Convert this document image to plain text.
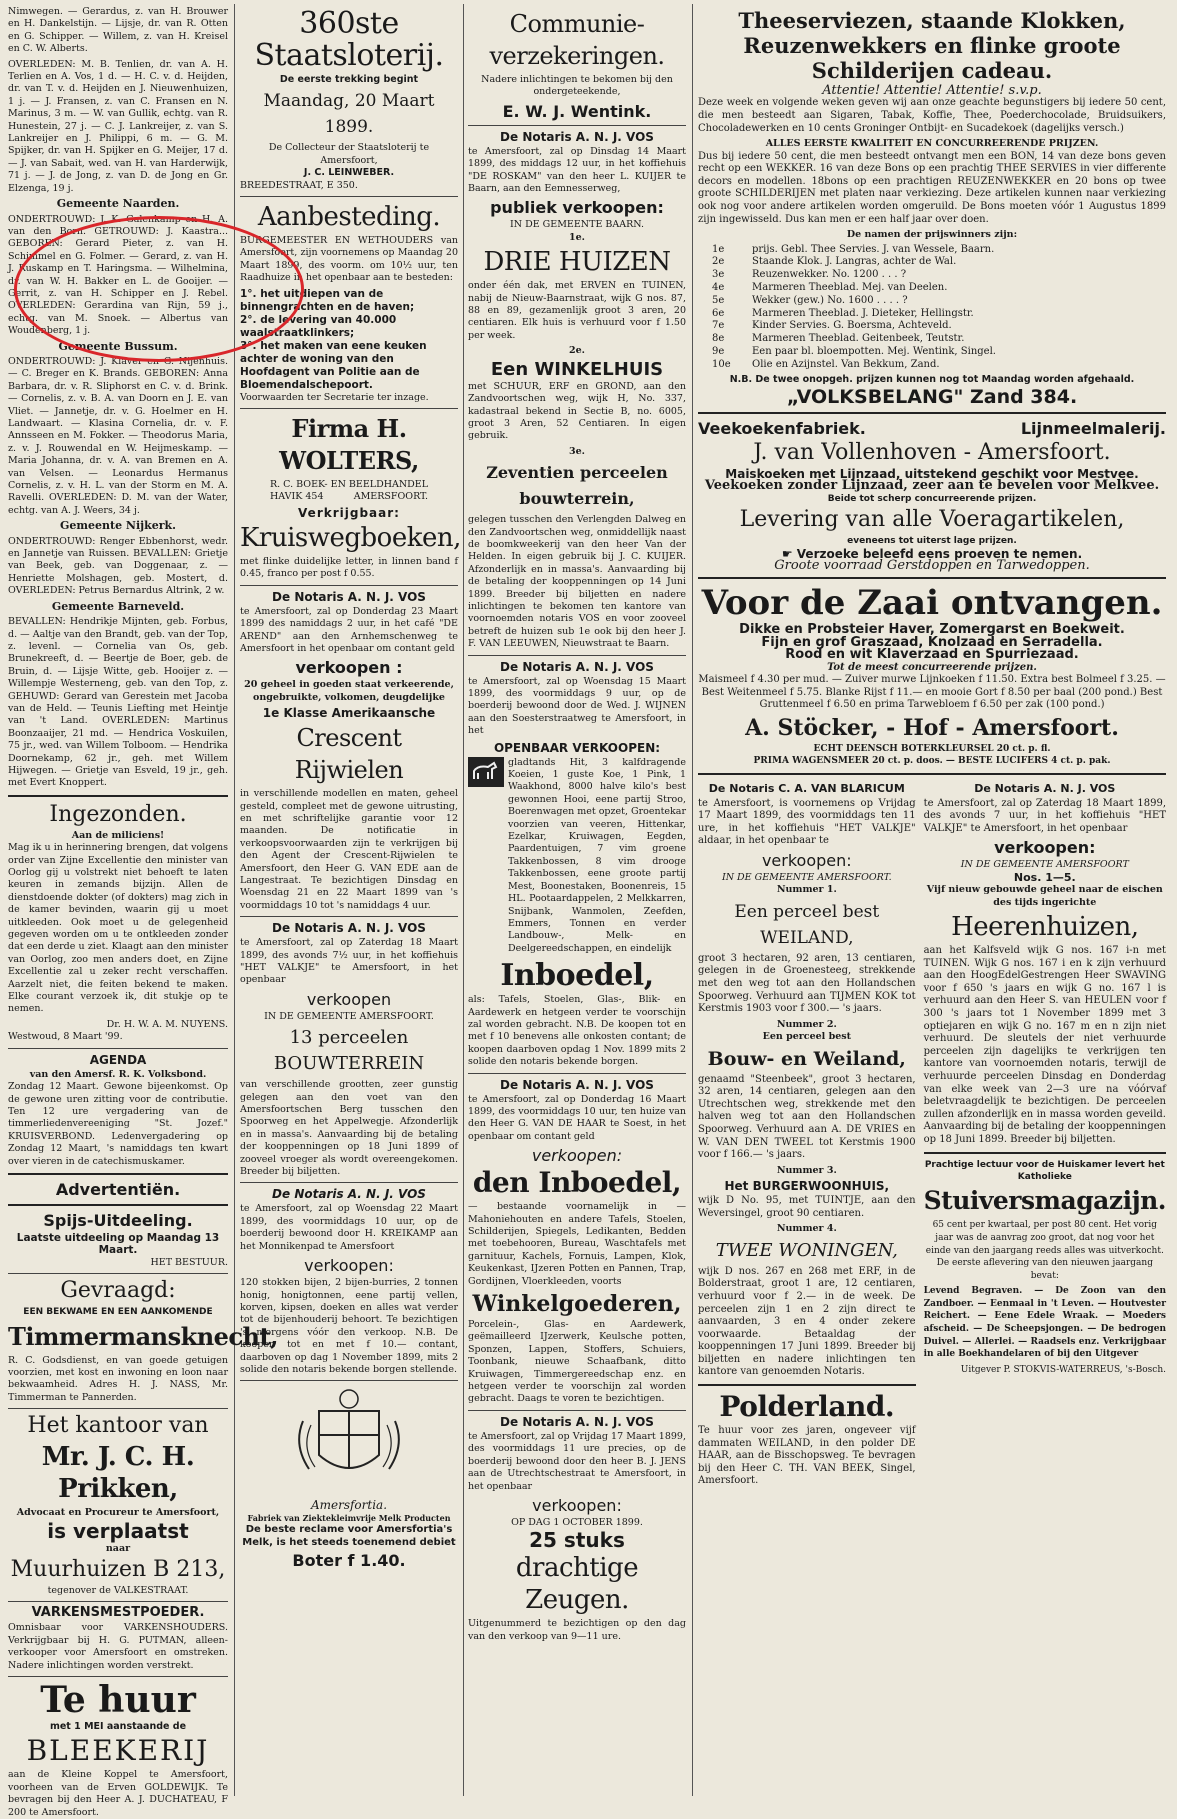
Nimwegen. — Gerardus, z. van H. Brouwer en H. Dankelstijn. — Lijsje, dr. van R. Otten en G. Schipper. — Willem, z. van H. Kreisel en C. W. Alberts.

OVERLEDEN: M. B. Tenlien, dr. van A. H. Terlien en A. Vos, 1 d. — H. C. v. d. Heijden, dr. van T. v. d. Heijden en J. Nieuwenhuizen, 1 j. — J. Fransen, z. van C. Fransen en N. Marinus, 3 m. — W. van Gullik, echtg. van R. Hunestein, 27 j. — C. J. Lankreijer, z. van S. Lankreijer en J. Philippi, 6 m. — G. M. Spijker, dr. van H. Spijker en G. Meijer, 17 d. — J. van Sabait, wed. van H. van Harderwijk, 71 j. — J. de Jong, z. van D. de Jong en Gr. Elzenga, 19 j.

Gemeente Naarden.

ONDERTROUWD: J. K. Galenkamp en H. A. van den Born. GETROUWD: J. Kaastra... GEBOREN: Gerard Pieter, z. van H. Schimmel en G. Folmer. — Gerard, z. van H. J. Ruskamp en T. Haringsma. — Wilhelmina, dr. van W. H. Bakker en L. de Gooijer. — Gerrit, z. van H. Schipper en J. Rebel. OVERLEDEN: Gerardina van Rijn, 59 j., echtg. van M. Snoek. — Albertus van Woudenberg, 1 j.

Gemeente Bussum.

ONDERTROUWD: J. Klaver en G. Nijenhuis. — C. Breger en K. Brands. GEBOREN: Anna Barbara, dr. v. R. Sliphorst en C. v. d. Brink. — Cornelis, z. v. B. A. van Doorn en J. E. van Vliet. — Jannetje, dr. v. G. Hoelmer en H. Landwaart. — Klasina Cornelia, dr. v. F. Annsseen en M. Fokker. — Theodorus Maria, z. v. J. Rouwendal en W. Heijmeskamp. — Maria Johanna, dr. v. A. van Bremen en A. van Velsen. — Leonardus Hermanus Cornelis, z. v. H. L. van der Storm en M. A. Ravelli. OVERLEDEN: D. M. van der Water, echtg. van A. J. Weers, 34 j.

Gemeente Nijkerk.

ONDERTROUWD: Renger Ebbenhorst, wedr. en Jannetje van Ruissen. BEVALLEN: Grietje van Beek, geb. van Doggenaar, z. — Henriette Molshagen, geb. Mostert, d. OVERLEDEN: Petrus Bernardus Altrink, 2 w.

Gemeente Barneveld.

BEVALLEN: Hendrikje Mijnten, geb. Forbus, d. — Aaltje van den Brandt, geb. van der Top, z. levenl. — Cornelia van Os, geb. Brunekreeft, d. — Beertje de Boer, geb. de Bruin, d. — Lijsje Witte, geb. Hooijer z. — Willempje Westerneng, geb. van den Top, z. GEHUWD: Gerard van Gerestein met Jacoba van de Held. — Teunis Liefting met Heintje van 't Land. OVERLEDEN: Martinus Boonzaaijer, 21 md. — Hendrica Voskuilen, 75 jr., wed. van Willem Tolboom. — Hendrika Doornekamp, 62 jr., geh. met Willem Hijwegen. — Grietje van Esveld, 19 jr., geh. met Evert Knoppert.

Ingezonden.
Aan de miliciens!

Mag ik u in herinnering brengen, dat volgens order van Zijne Excellentie den minister van Oorlog gij u volstrekt niet behoeft te laten keuren in zemands bijzijn. Allen de dienstdoende dokter (of dokters) mag zich in de kamer bevinden, waarin gij u moet uitkleeden. Ook moet u de gelegenheid gegeven worden om u te ontkleeden zonder dat een derde u ziet. Klaagt aan den minister van Oorlog, zoo men anders doet, en Zijne Excellentie zal u zeker recht verschaffen. Aarzelt niet, die feiten bekend te maken. Elke courant verzoek ik, dit stukje op te nemen.

Dr. H. W. A. M. NUYENS.
Westwoud, 8 Maart '99.
AGENDA
van den Amersf. R. K. Volksbond.

Zondag 12 Maart. Gewone bijeenkomst. Op de gewone uren zitting voor de contributie. Ten 12 ure vergadering van de timmerliedenvereeniging "St. Jozef." KRUISVERBOND. Ledenvergadering op Zondag 12 Maart, 's namiddags ten kwart over vieren in de catechismuskamer.

Advertentiën.
Spijs-Uitdeeling.
Laatste uitdeeling op Maandag 13 Maart.
HET BESTUUR.
Gevraagd:
EEN BEKWAME EN EEN AANKOMENDE
Timmermansknecht,

R. C. Godsdienst, en van goede getuigen voorzien, met kost en inwoning en loon naar bekwaamheid. Adres H. J. NASS, Mr. Timmerman te Pannerden.

Het kantoor van
Mr. J. C. H. Prikken,
Advocaat en Procureur te Amersfoort,
is verplaatst
naar
Muurhuizen B 213,
tegenover de VALKESTRAAT.
VARKENSMESTPOEDER.

Omnisbaar voor VARKENSHOUDERS. Verkrijgbaar bij H. G. PUTMAN, alleen-verkooper voor Amersfoort en omstreken. Nadere inlichtingen worden verstrekt.

Te huur
met 1 MEI aanstaande de
BLEEKERIJ

aan de Kleine Koppel te Amersfoort, voorheen van de Erven GOLDEWIJK. Te bevragen bij den Heer A. J. DUCHATEAU, F 200 te Amersfoort.

360ste Staatsloterij.
De eerste trekking begint
Maandag, 20 Maart 1899.
De Collecteur der Staatsloterij te Amersfoort,
J. C. LEINWEBER.
BREEDESTRAAT, E 350.
Aanbesteding.

BURGEMEESTER EN WETHOUDERS van Amersfoort, zijn voornemens op Maandag 20 Maart 1899, des voorm. om 10½ uur, ten Raadhuize in het openbaar aan te besteden:

1°. het uitdiepen van de binnengrachten en de haven;
2°. de levering van 40.000 waalstraatklinkers;
3°. het maken van eene keuken achter de woning van den Hoofdagent van Politie aan de Bloemendalschepoort.
Voorwaarden ter Secretarie ter inzage.
Firma H. WOLTERS,
R. C. BOEK- EN BEELDHANDEL
HAVIK 454          AMERSFOORT.
Verkrijgbaar:
Kruiswegboeken,

met flinke duidelijke letter, in linnen band f 0.45, franco per post f 0.55.

De Notaris A. N. J. VOS

te Amersfoort, zal op Donderdag 23 Maart 1899 des namiddags 2 uur, in het café "DE AREND" aan den Arnhemschenweg te Amersfoort in het openbaar om contant geld

verkoopen :
20 geheel in goeden staat verkeerende, ongebruikte, volkomen, deugdelijke
1e Klasse Amerikaansche
Crescent Rijwielen

in verschillende modellen en maten, geheel gesteld, compleet met de gewone uitrusting, en met schriftelijke garantie voor 12 maanden. De notificatie in verkoopsvoorwaarden zijn te verkrijgen bij den Agent der Crescent-Rijwielen te Amersfoort, den Heer G. VAN EDE aan de Langestraat. Te bezichtigen Dinsdag en Woensdag 21 en 22 Maart 1899 van 's voormiddags 10 tot 's namiddags 4 uur.

De Notaris A. N. J. VOS

te Amersfoort, zal op Zaterdag 18 Maart 1899, des avonds 7½ uur, in het koffiehuis "HET VALKJE" te Amersfoort, in het openbaar

verkoopen
IN DE GEMEENTE AMERSFOORT.
13 perceelen BOUWTERREIN

van verschillende grootten, zeer gunstig gelegen aan den voet van den Amersfoortschen Berg tusschen den Spoorweg en het Appelwegje. Afzonderlijk en in massa's. Aanvaarding bij de betaling der kooppenningen op 18 Juni 1899 of zooveel vroeger als wordt overeengekomen. Breeder bij biljetten.

De Notaris A. N. J. VOS

te Amersfoort, zal op Woensdag 22 Maart 1899, des voormiddags 10 uur, op de boerderij bewoond door H. KREIKAMP aan het Monnikenpad te Amersfoort

verkoopen:

120 stokken bijen, 2 bijen-burries, 2 tonnen honig, honigtonnen, eene partij vellen, korven, kipsen, doeken en alles wat verder tot de bijenhouderij behoort. Te bezichtigen 's morgens vóór den verkoop. N.B. De koopen tot en met f 10.— contant, daarboven op dag 1 November 1899, mits 2 solide den notaris bekende borgen stellende.

Amersfortia.
Fabriek van Ziektekleimvrije Melk Producten
De beste reclame voor Amersfortia's Melk, is het steeds toenemend debiet
Boter f 1.40.
Communie-verzekeringen.

Nadere inlichtingen te bekomen bij den ondergeteekende,

E. W. J. Wentink.
De Notaris A. N. J. VOS

te Amersfoort, zal op Dinsdag 14 Maart 1899, des middags 12 uur, in het koffiehuis "DE ROSKAM" van den heer L. KUIJER te Baarn, aan den Eemnesserweg,

publiek verkoopen:
IN DE GEMEENTE BAARN.
1e.
DRIE HUIZEN

onder één dak, met ERVEN en TUINEN, nabij de Nieuw-Baarnstraat, wijk G nos. 87, 88 en 89, gezamenlijk groot 3 aren, 20 centiaren. Elk huis is verhuurd voor f 1.50 per week.

2e.
Een WINKELHUIS

met SCHUUR, ERF en GROND, aan den Zandvoortschen weg, wijk H, No. 337, kadastraal bekend in Sectie B, no. 6005, groot 3 Aren, 52 Centiaren. In eigen gebruik.

3e.
Zeventien perceelen bouwterrein,

gelegen tusschen den Verlengden Dalweg en den Zandvoortschen weg, onmiddellijk naast de boomkweekerij van den heer Van der Helden. In eigen gebruik bij J. C. KUIJER. Afzonderlijk en in massa's. Aanvaarding bij de betaling der kooppenningen op 14 Juni 1899. Breeder bij biljetten en nadere inlichtingen te bekomen ten kantore van voornoemden notaris VOS en voor zooveel betreft de huizen sub 1e ook bij den heer J. F. VAN LEEUWEN, Nieuwstraat te Baarn.

De Notaris A. N. J. VOS

te Amersfoort, zal op Woensdag 15 Maart 1899, des voormiddags 9 uur, op de boerderij bewoond door de Wed. J. WIJNEN aan den Soesterstraatweg te Amersfoort, in het

OPENBAAR VERKOOPEN:

gladtands Hit, 3 kalfdragende Koeien, 1 guste Koe, 1 Pink, 1 Waakhond, 8000 halve kilo's best gewonnen Hooi, eene partij Stroo, Boerenwagen met opzet, Groentekar voorzien van veeren, Hittenkar, Ezelkar, Kruiwagen, Eegden, Paardentuigen, 7 vim groene Takkenbossen, 8 vim droogе Takkenbossen, eene groote partij Mest, Boonestaken, Boonenreis, 15 HL. Pootaardappelen, 2 Melkkarren, Snijbank, Wanmolen, Zeefden, Emmers, Tonnen en verder Landbouw-, Melk- en Deelgereedschappen, en eindelijk

Inboedel,

als: Tafels, Stoelen, Glas-, Blik- en Aardewerk en hetgeen verder te voorschijn zal worden gebracht. N.B. De koopen tot en met f 10 benevens alle onkosten contant; de koopen daarboven opdag 1 Nov. 1899 mits 2 solide den notaris bekende borgen.

De Notaris A. N. J. VOS

te Amersfoort, zal op Donderdag 16 Maart 1899, des voormiddags 10 uur, ten huize van den Heer G. VAN DE HAAR te Soest, in het openbaar om contant geld

verkoopen:
den Inboedel,

— bestaande voornamelijk in — Mahoniehouten en andere Tafels, Stoelen, Schilderijen, Spiegels, Ledikanten, Bedden met toebehooren, Bureau, Waschtafels met garnituur, Kachels, Fornuis, Lampen, Klok, Keukenkast, IJzeren Potten en Pannen, Trap, Gordijnen, Vloerkleeden, voorts

Winkelgoederen,

Porcelein-, Glas- en Aardewerk, geëmailleerd IJzerwerk, Keulsche potten, Sponzen, Lappen, Stoffers, Schuiers, Toonbank, nieuwe Schaafbank, ditto Kruiwagen, Timmergereedschap enz. en hetgeen verder te voorschijn zal worden gebracht. Daags te voren te bezichtigen.

De Notaris A. N. J. VOS

te Amersfoort, zal op Vrijdag 17 Maart 1899, des voormiddags 11 ure precies, op de boerderij bewoond door den heer B. J. JENS aan de Utrechtschestraat te Amersfoort, in het openbaar

verkoopen:
OP DAG 1 OCTOBER 1899.
25 stuks
drachtige Zeugen.

Uitgenummerd te bezichtigen op den dag van den verkoop van 9—11 ure.

Theeserviezen, staande Klokken, Reuzenwekkers en flinke groote Schilderijen cadeau.
Attentie! Attentie! Attentie! s.v.p.

Deze week en volgende weken geven wij aan onze geachte begunstigers bij iedere 50 cent, die men besteedt aan Sigaren, Tabak, Koffie, Thee, Poederchocolade, Bruidsuikers, Chocoladewerken en 10 cents Groninger Ontbijt- en Sucadekoek (dagelijks versch.)

ALLES EERSTE KWALITEIT EN CONCURREERENDE PRIJZEN.

Dus bij iedere 50 cent, die men besteedt ontvangt men een BON, 14 van deze bons geven recht op een WEKKER. 16 van deze Bons op een prachtig THEE SERVIES in vier differente decors en modellen. 18bons op een prachtigen REUZENWEKKER en 20 bons op twee groote SCHILDERIJEN met platen naar verkiezing. Deze artikelen kunnen naar verkiezing ook nog voor andere artikelen worden omgeruild. De Bons moeten vóór 1 Augustus 1899 zijn ingewisseld. Dus kan men er een half jaar over doen.

De namen der prijswinners zijn:
1e	prijs. Gebl. Thee Servies. J. van Wessele, Baarn.
2e	Staande Klok. J. Langras, achter de Wal.
3e	Reuzenwekker. No. 1200 . . . ?
4e	Marmeren Theeblad. Mej. van Deelen.
5e	Wekker (gew.) No. 1600 . . . . ?
6e	Marmeren Theeblad. J. Dieteker, Hellingstr.
7e	Kinder Servies. G. Boersma, Achteveld.
8e	Marmeren Theeblad. Geitenbeek, Teutstr.
9e	Een paar bl. bloempotten. Mej. Wentink, Singel.
10e	Olie en Azijnstel. Van Bekkum, Zand.
N.B. De twee onopgeh. prijzen kunnen nog tot Maandag worden afgehaald.
„VOLKSBELANG" Zand 384.
Veekoekenfabriek.	Lijnmeelmalerij.
J. van Vollenhoven - Amersfoort.
Maiskoeken met Lijnzaad, uitstekend geschikt voor Mestvee.
Veekoeken zonder Lijnzaad, zeer aan te bevelen voor Melkvee.
Beide tot scherp concurreerende prijzen.
Levering van alle Voeragartikelen,
eveneens tot uiterst lage prijzen.
☛ Verzoeke beleefd eens proeven te nemen.
Groote voorraad Gerstdoppen en Tarwedoppen.
Voor de Zaai ontvangen.
Dikke en Probsteier Haver, Zomergarst en Boekweit.
Fijn en grof Graszaad, Knolzaad en Serradella.
Rood en wit Klaverzaad en Spurriezaad.
Tot de meest concurreerende prijzen.

Maismeel f 4.30 per mud. — Zuiver murwe Lijnkoeken f 11.50. Extra best Bolmeel f 3.25. — Best Weitenmeel f 5.75. Blanke Rijst f 11.— en mooie Gort f 8.50 per baal (200 pond.) Best Gruttenmeel f 6.50 en prima Tarwebloem f 6.50 per zak (100 pond.)

A. Stöcker, - Hof - Amersfoort.
ECHT DEENSCH BOTERKLEURSEL 20 ct. p. fl.
PRIMA WAGENSMEER 20 ct. p. doos. — BESTE LUCIFERS 4 ct. p. pak.
De Notaris C. A. VAN BLARICUM

te Amersfoort, is voornemens op Vrijdag 17 Maart 1899, des voormiddags ten 11 ure, in het koffiehuis "HET VALKJE" aldaar, in het openbaar te

verkoopen:
IN DE GEMEENTE AMERSFOORT.
Nummer 1.
Een perceel best WEILAND,

groot 3 hectaren, 92 aren, 13 centiaren, gelegen in de Groenesteeg, strekkende met den weg tot aan den Hollandschen Spoorweg. Verhuurd aan TIJMEN KOK tot Kerstmis 1903 voor f 300.— 's jaars.

Nummer 2.
Een perceel best
Bouw- en Weiland,

genaamd "Steenbeek", groot 3 hectaren, 32 aren, 14 centiaren, gelegen aan den Utrechtschen weg, strekkende met den halven weg tot aan den Hollandschen Spoorweg. Verhuurd aan A. DE VRIES en W. VAN DEN TWEEL tot Kerstmis 1900 voor f 166.— 's jaars.

Nummer 3.
Het BURGERWOONHUIS,

wijk D No. 95, met TUINTJE, aan den Weversingel, groot 90 centiaren.

Nummer 4.
TWEE WONINGEN,

wijk D nos. 267 en 268 met ERF, in de Bolderstraat, groot 1 are, 12 centiaren, verhuurd voor f 2.— in de week. De perceelen zijn 1 en 2 zijn direct te aanvaarden, 3 en 4 onder zekere voorwaarde. Betaaldag der kooppenningen 17 Juni 1899. Breeder bij biljetten en nadere inlichtingen ten kantore van genoemden Notaris.

Polderland.

Te huur voor zes jaren, ongeveer vijf dammaten WEILAND, in den polder DE HAAR, aan de Bisschopsweg. Te bevragen bij den Heer C. TH. VAN BEEK, Singel, Amersfoort.

De Notaris A. N. J. VOS

te Amersfoort, zal op Zaterdag 18 Maart 1899, des avonds 7 uur, in het koffiehuis "HET VALKJE" te Amersfoort, in het openbaar

verkoopen:
IN DE GEMEENTE AMERSFOORT
Nos. 1—5.
Vijf nieuw gebouwde geheel naar de eischen des tijds ingerichte
Heerenhuizen,

aan het Kalfsveld wijk G nos. 167 i-n met TUINEN. Wijk G nos. 167 i en k zijn verhuurd aan den HoogEdelGestrengen Heer SWAVING voor f 650 's jaars en wijk G no. 167 l is verhuurd aan den Heer S. van HEULEN voor f 300 's jaars tot 1 November 1899 met 3 optiejaren en wijk G no. 167 m en n zijn niet verhuurd. De sleutels der niet verhuurde perceelen zijn dagelijks te verkrijgen ten kantore van voornoemden notaris, terwijl de verhuurde perceelen Dinsdag en Donderdag van elke week van 2—3 ure na vóórvaf beletvraagdelijk te bezichtigen. De perceelen zullen afzonderlijk en in massa worden geveild. Aanvaarding bij de betaling der kooppenningen op 18 Juni 1899. Breeder bij biljetten.

Prachtige lectuur voor de Huiskamer levert het Katholieke
Stuiversmagazijn.

65 cent per kwartaal, per post 80 cent. Het vorig jaar was de aanvrag zoo groot, dat nog voor het einde van den jaargang reeds alles was uitverkocht. De eerste aflevering van den nieuwen jaargang bevat:

Levend Begraven. — De Zoon van den Zandboer. — Eenmaal in 't Leven. — Houtvester Reichert. — Eene Edele Wraak. — Moeders afscheid. — De Scheepsjongen. — De bedrogen Duivel. — Allerlei. — Raadsels enz. Verkrijgbaar in alle Boekhandelaren of bij den Uitgever

Uitgever P. STOKVIS-WATERREUS, 's-Bosch.
